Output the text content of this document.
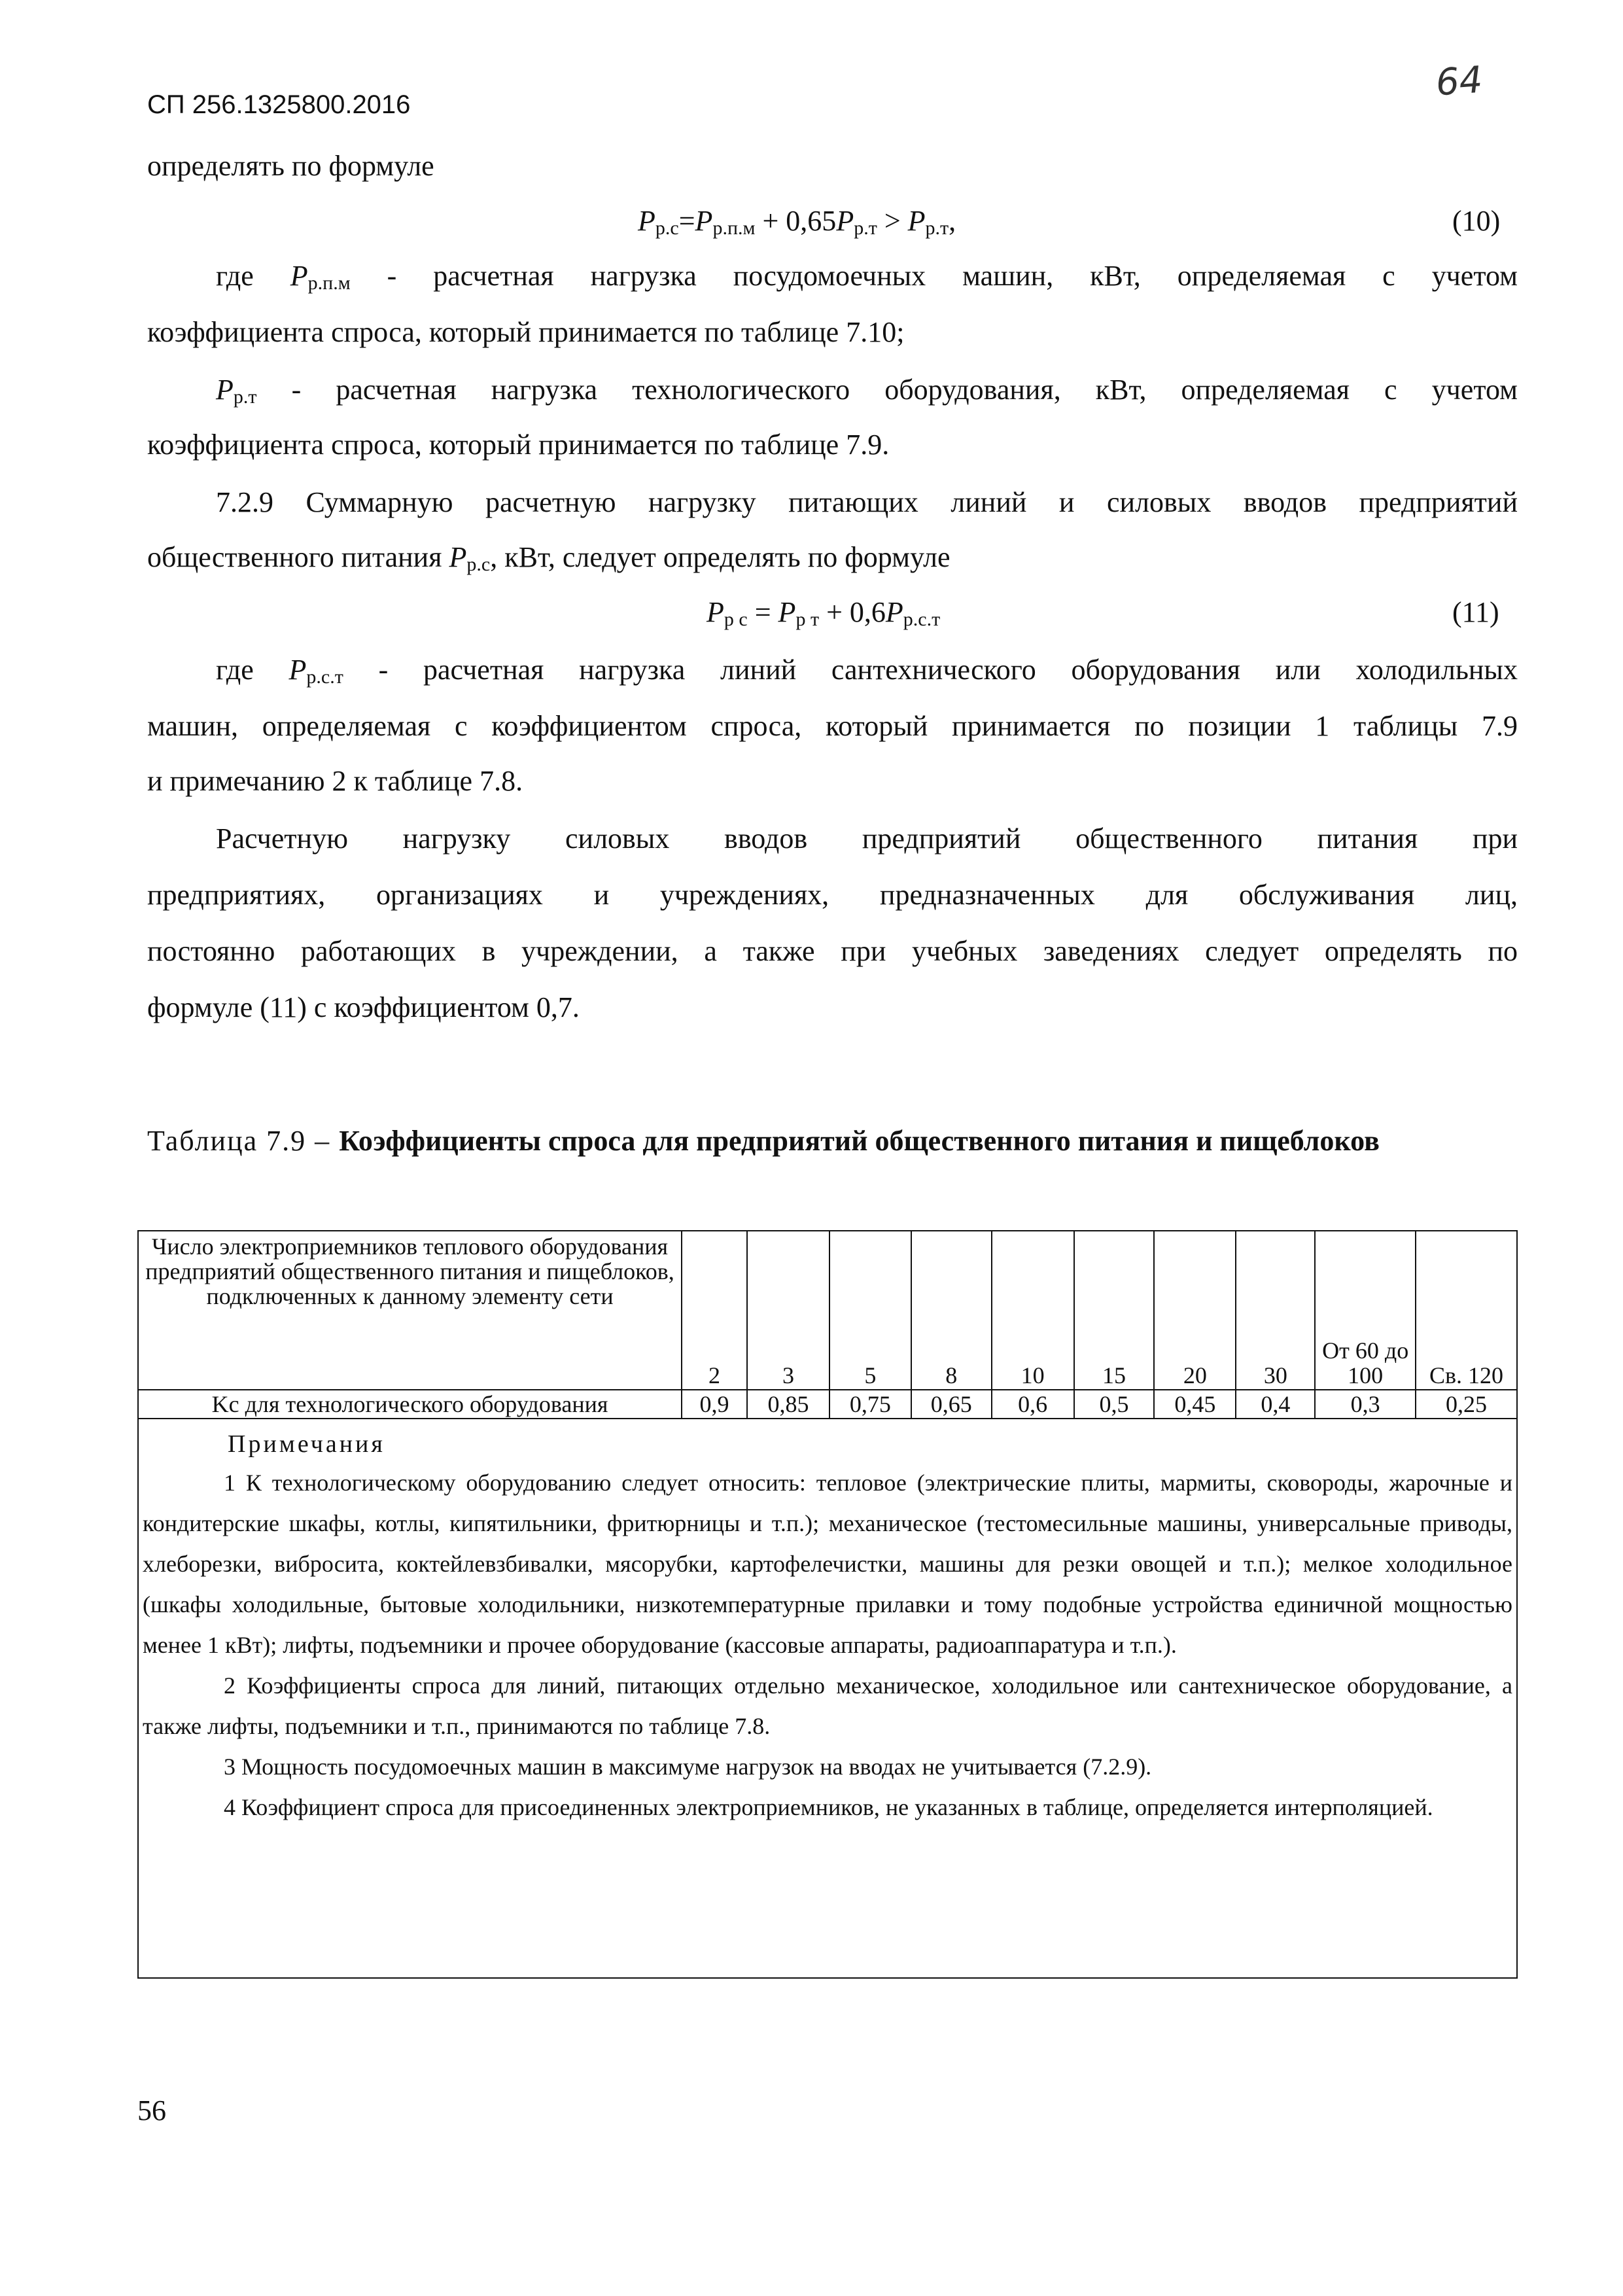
СП 256.1325800.2016
64

определять по формуле

$P_{р.с}=P_{р.п.м} + 0,65P_{р.т} > P_{р.т}$,	(10)

где $P_{р.п.м}$ - расчетная нагрузка посудомоечных машин, кВт, определяемая с учетом

коэффициента спроса, который принимается по таблице 7.10;

$P_{р.т}$ - расчетная нагрузка технологического оборудования, кВт, определяемая с учетом

коэффициента спроса, который принимается по таблице 7.9.

7.2.9 Суммарную расчетную нагрузку питающих линий и силовых вводов предприятий

общественного питания $P_{р.с}$, кВт, следует определять по формуле

$P_{р с} = P_{р т} + 0,6P_{р.с.т}$	(11)

где $P_{р.с.т}$ - расчетная нагрузка линий сантехнического оборудования или холодильных

машин, определяемая с коэффициентом спроса, который принимается по позиции 1 таблицы 7.9

и примечанию 2 к таблице 7.8.

Расчетную нагрузку силовых вводов предприятий общественного питания при

предприятиях, организациях и учреждениях, предназначенных для обслуживания лиц,

постоянно работающих в учреждении, а также при учебных заведениях следует определять по

формуле (11) с коэффициентом 0,7.

Таблица 7.9 – Коэффициенты спроса для предприятий общественного питания и пищеблоков

Число электроприемников теплового оборудования предприятий общественного питания и пищеблоков, подключенных к данному элементу сети	2	3	5	8	10	15	20	30	От 60 до 100	Св. 120
Kс для технологического оборудования	0,9	0,85	0,75	0,65	0,6	0,5	0,45	0,4	0,3	0,25

Примечания

1 К технологическому оборудованию следует относить: тепловое (электрические плиты, мармиты, сковороды, жарочные и кондитерские шкафы, котлы, кипятильники, фритюрницы и т.п.); механическое (тестомесильные машины, универсальные приводы, хлеборезки, вибросита, коктейлевзбивалки, мясорубки, картофелечистки, машины для резки овощей и т.п.); мелкое холодильное (шкафы холодильные, бытовые холодильники, низкотемпературные прилавки и тому подобные устройства единичной мощностью менее 1 кВт); лифты, подъемники и прочее оборудование (кассовые аппараты, радиоаппаратура и т.п.).

2 Коэффициенты спроса для линий, питающих отдельно механическое, холодильное или сантехническое оборудование, а также лифты, подъемники и т.п., принимаются по таблице 7.8.

3 Мощность посудомоечных машин в максимуме нагрузок на вводах не учитывается (7.2.9).

4 Коэффициент спроса для присоединенных электроприемников, не указанных в таблице, определяется интерполяцией.

56
